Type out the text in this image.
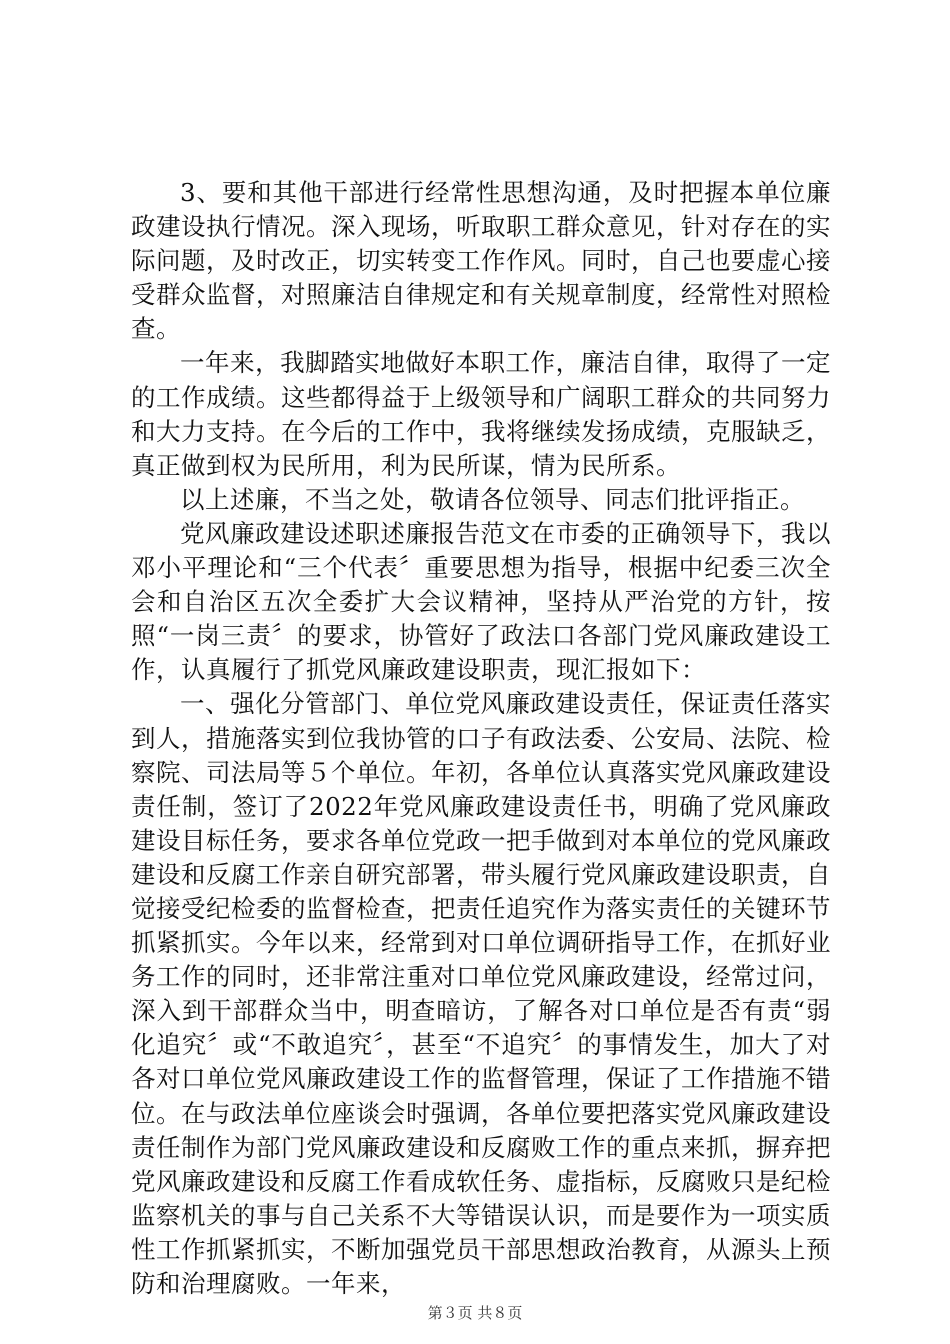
3、要和其他干部进行经常性思想沟通，及时把握本单位廉政建设执行情况。深入现场，听取职工群众意见，针对存在的实际问题，及时改正，切实转变工作作风。同时，自己也要虚心接受群众监督，对照廉洁自律规定和有关规章制度，经常性对照检查。

一年来，我脚踏实地做好本职工作，廉洁自律，取得了一定的工作成绩。这些都得益于上级领导和广阔职工群众的共同努力和大力支持。在今后的工作中，我将继续发扬成绩，克服缺乏，真正做到权为民所用，利为民所谋，情为民所系。

以上述廉，不当之处，敬请各位领导、同志们批评指正。

党风廉政建设述职述廉报告范文在市委的正确领导下，我以邓小平理论和“三个代表〞重要思想为指导，根据中纪委三次全会和自治区五次全委扩大会议精神，坚持从严治党的方针，按照“一岗三责〞的要求，协管好了政法口各部门党风廉政建设工作，认真履行了抓党风廉政建设职责，现汇报如下：

一、强化分管部门、单位党风廉政建设责任，保证责任落实到人，措施落实到位我协管的口子有政法委、公安局、法院、检察院、司法局等５个单位。年初，各单位认真落实党风廉政建设责任制，签订了2022年党风廉政建设责任书，明确了党风廉政建设目标任务，要求各单位党政一把手做到对本单位的党风廉政建设和反腐工作亲自研究部署，带头履行党风廉政建设职责，自觉接受纪检委的监督检查，把责任追究作为落实责任的关键环节抓紧抓实。今年以来，经常到对口单位调研指导工作，在抓好业务工作的同时，还非常注重对口单位党风廉政建设，经常过问，深入到干部群众当中，明查暗访，了解各对口单位是否有责“弱化追究〞或“不敢追究〞，甚至“不追究〞的事情发生，加大了对各对口单位党风廉政建设工作的监督管理，保证了工作措施不错位。在与政法单位座谈会时强调，各单位要把落实党风廉政建设责任制作为部门党风廉政建设和反腐败工作的重点来抓，摒弃把党风廉政建设和反腐工作看成软任务、虚指标，反腐败只是纪检监察机关的事与自己关系不大等错误认识，而是要作为一项实质性工作抓紧抓实，不断加强党员干部思想政治教育，从源头上预防和治理腐败。一年来，

第３页 共８页
